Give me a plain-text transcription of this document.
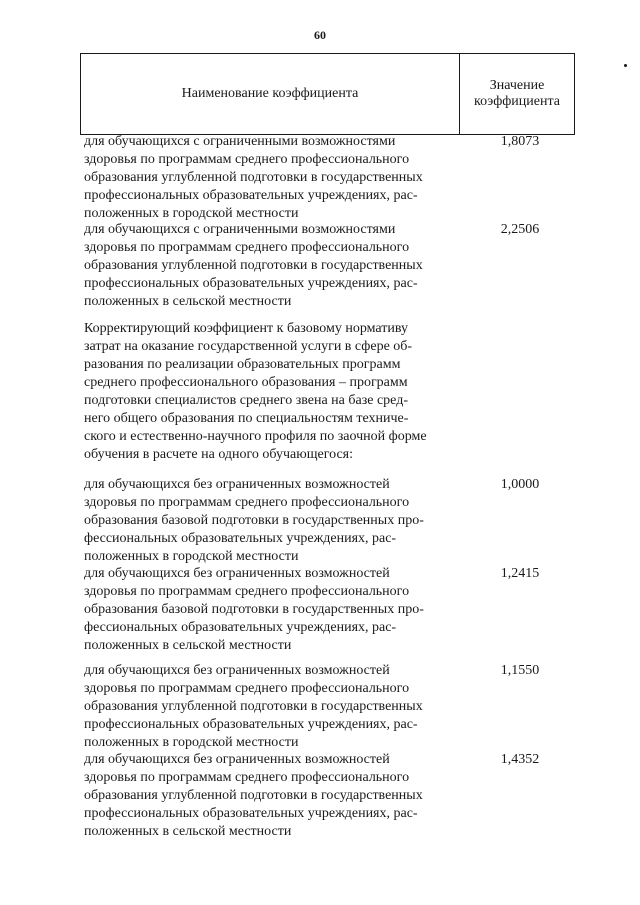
60
Наименование коэффициента
Значение
коэффициента
для обучающихся с ограниченными возможностями
здоровья по программам среднего профессионального
образования углубленной подготовки в государственных
профессиональных образовательных учреждениях, рас-
положенных в городской местности
1,8073
для обучающихся с ограниченными возможностями
здоровья по программам среднего профессионального
образования углубленной подготовки в государственных
профессиональных образовательных учреждениях, рас-
положенных в сельской местности
2,2506
Корректирующий коэффициент к базовому нормативу
затрат на оказание государственной услуги в сфере об-
разования по реализации образовательных программ
среднего профессионального образования – программ
подготовки специалистов среднего звена на базе сред-
него общего образования по специальностям техниче-
ского и естественно-научного профиля по заочной форме
обучения в расчете на одного обучающегося:
для обучающихся без ограниченных возможностей
здоровья по программам среднего профессионального
образования базовой подготовки в государственных про-
фессиональных образовательных учреждениях, рас-
положенных в городской местности
1,0000
для обучающихся без ограниченных возможностей
здоровья по программам среднего профессионального
образования базовой подготовки в государственных про-
фессиональных образовательных учреждениях, рас-
положенных в сельской местности
1,2415
для обучающихся без ограниченных возможностей
здоровья по программам среднего профессионального
образования углубленной подготовки в государственных
профессиональных образовательных учреждениях, рас-
положенных в городской местности
1,1550
для обучающихся без ограниченных возможностей
здоровья по программам среднего профессионального
образования углубленной подготовки в государственных
профессиональных образовательных учреждениях, рас-
положенных в сельской местности
1,4352
